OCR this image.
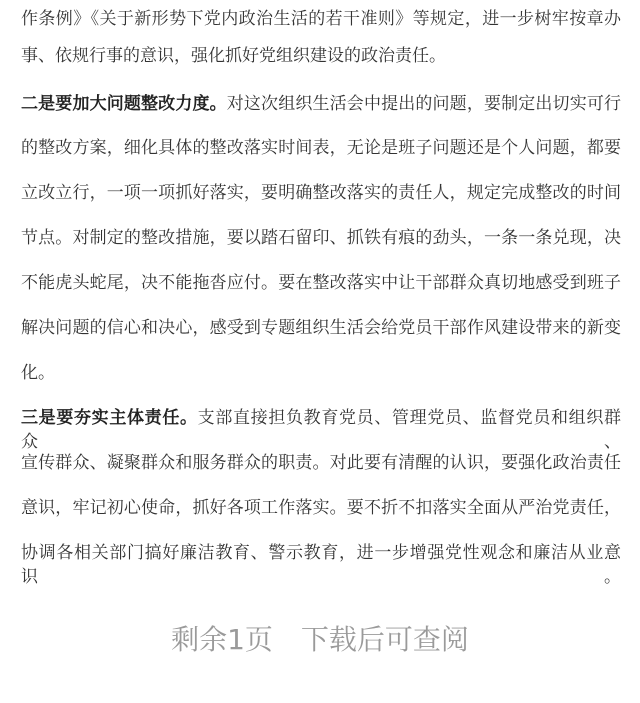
作条例》《关于新形势下党内政治生活的若干准则》等规定，进一步树牢按章办
事、依规行事的意识，强化抓好党组织建设的政治责任。
二是要加大问题整改力度。对这次组织生活会中提出的问题，要制定出切实可行
的整改方案，细化具体的整改落实时间表，无论是班子问题还是个人问题，都要
立改立行，一项一项抓好落实，要明确整改落实的责任人，规定完成整改的时间
节点。对制定的整改措施，要以踏石留印、抓铁有痕的劲头，一条一条兑现，决
不能虎头蛇尾，决不能拖沓应付。要在整改落实中让干部群众真切地感受到班子
解决问题的信心和决心，感受到专题组织生活会给党员干部作风建设带来的新变
化。
三是要夯实主体责任。支部直接担负教育党员、管理党员、监督党员和组织群众、
宣传群众、凝聚群众和服务群众的职责。对此要有清醒的认识，要强化政治责任
意识，牢记初心使命，抓好各项工作落实。要不折不扣落实全面从严治党责任，
协调各相关部门搞好廉洁教育、警示教育，进一步增强党性观念和廉洁从业意识。
剩余1页 下载后可查阅
